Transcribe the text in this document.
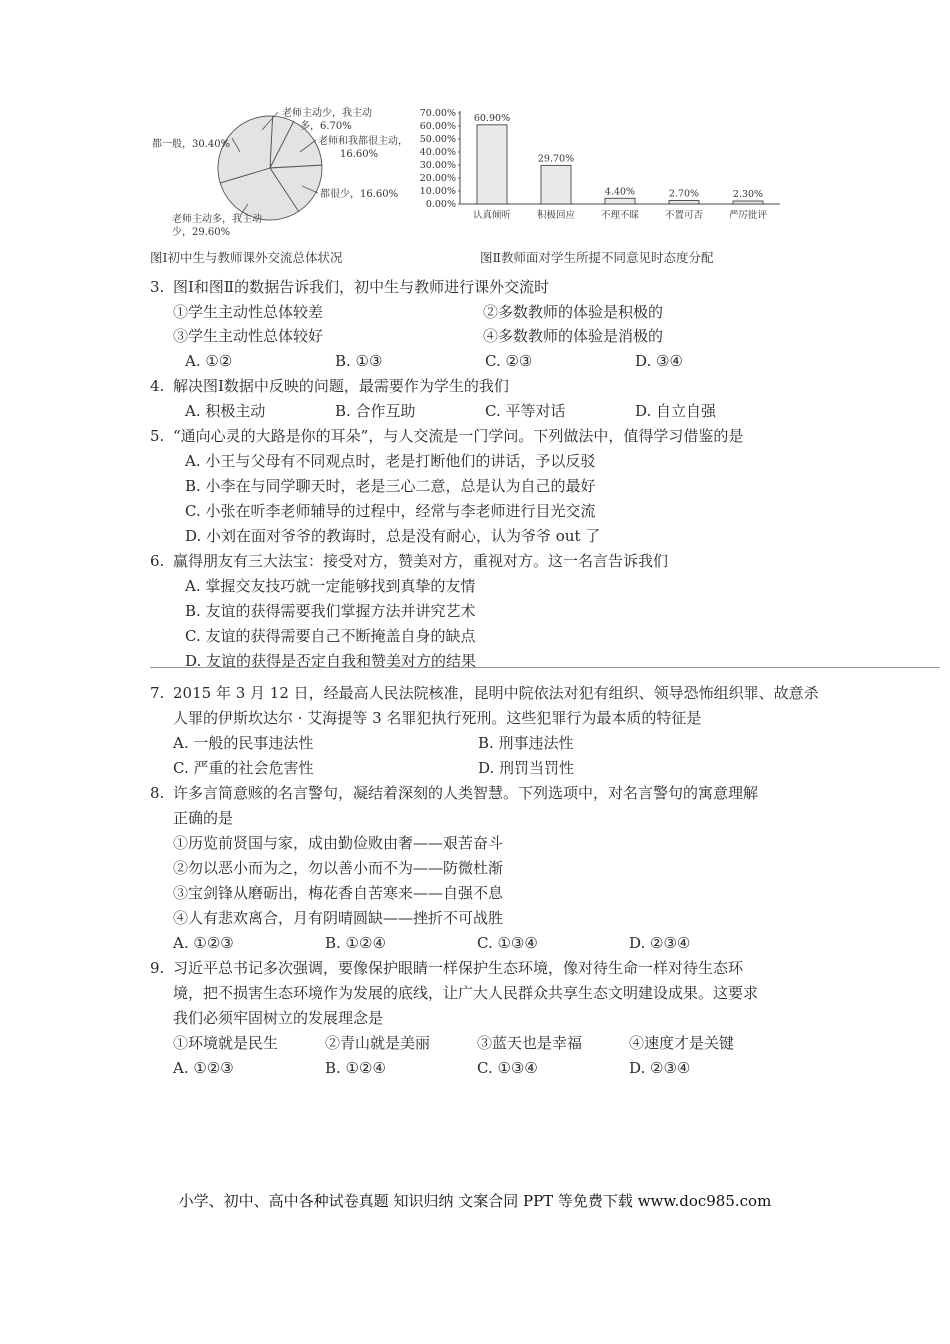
老师主动少，我主动
多，6.70%
老师和我都很主动，
16.60%
都一般，30.40%
都很少，16.60%
老师主动多，我主动
少，29.60%
0.00%
10.00%
20.00%
30.00%
40.00%
50.00%
60.00%
70.00% 60.90%
认真倾听
29.70%
积极回应
4.40%
不理不睬
2.70%
不置可否
2.30%
严厉批评
图Ⅰ初中生与教师课外交流总体状况	图Ⅱ教师面对学生所提不同意见时态度分配
3. 图Ⅰ和图Ⅱ的数据告诉我们，初中生与教师进行课外交流时
①学生主动性总体较差	②多数教师的体验是积极的
③学生主动性总体较好	④多数教师的体验是消极的
A. ①②	B. ①③	C. ②③	D. ③④
4. 解决图Ⅰ数据中反映的问题，最需要作为学生的我们
A. 积极主动	B. 合作互助	C. 平等对话	D. 自立自强
5. “通向心灵的大路是你的耳朵”，与人交流是一门学问。下列做法中，值得学习借鉴的是
A. 小王与父母有不同观点时，老是打断他们的讲话，予以反驳
B. 小李在与同学聊天时，老是三心二意，总是认为自己的最好
C. 小张在听李老师辅导的过程中，经常与李老师进行目光交流
D. 小刘在面对爷爷的教诲时，总是没有耐心，认为爷爷 out 了
6. 赢得朋友有三大法宝：接受对方，赞美对方，重视对方。这一名言告诉我们
A. 掌握交友技巧就一定能够找到真挚的友情
B. 友谊的获得需要我们掌握方法并讲究艺术
C. 友谊的获得需要自己不断掩盖自身的缺点
D. 友谊的获得是否定自我和赞美对方的结果
7. 2015 年 3 月 12 日，经最高人民法院核准，昆明中院依法对犯有组织、领导恐怖组织罪、故意杀
人罪的伊斯坎达尔 · 艾海提等 3 名罪犯执行死刑。这些犯罪行为最本质的特征是
A. 一般的民事违法性	B. 刑事违法性
C. 严重的社会危害性	D. 刑罚当罚性
8. 许多言简意赅的名言警句，凝结着深刻的人类智慧。下列选项中，对名言警句的寓意理解
正确的是
①历览前贤国与家，成由勤俭败由奢——艰苦奋斗
②勿以恶小而为之，勿以善小而不为——防微杜渐
③宝剑锋从磨砺出，梅花香自苦寒来——自强不息
④人有悲欢离合，月有阴晴圆缺——挫折不可战胜
A. ①②③	B. ①②④	C. ①③④	D. ②③④
9. 习近平总书记多次强调，要像保护眼睛一样保护生态环境，像对待生命一样对待生态环
境，把不损害生态环境作为发展的底线，让广大人民群众共享生态文明建设成果。这要求
我们必须牢固树立的发展理念是
①环境就是民生	②青山就是美丽	③蓝天也是幸福	④速度才是关键
A. ①②③	B. ①②④	C. ①③④	D. ②③④
小学、初中、高中各种试卷真题 知识归纳 文案合同 PPT 等免费下载 www.doc985.com
